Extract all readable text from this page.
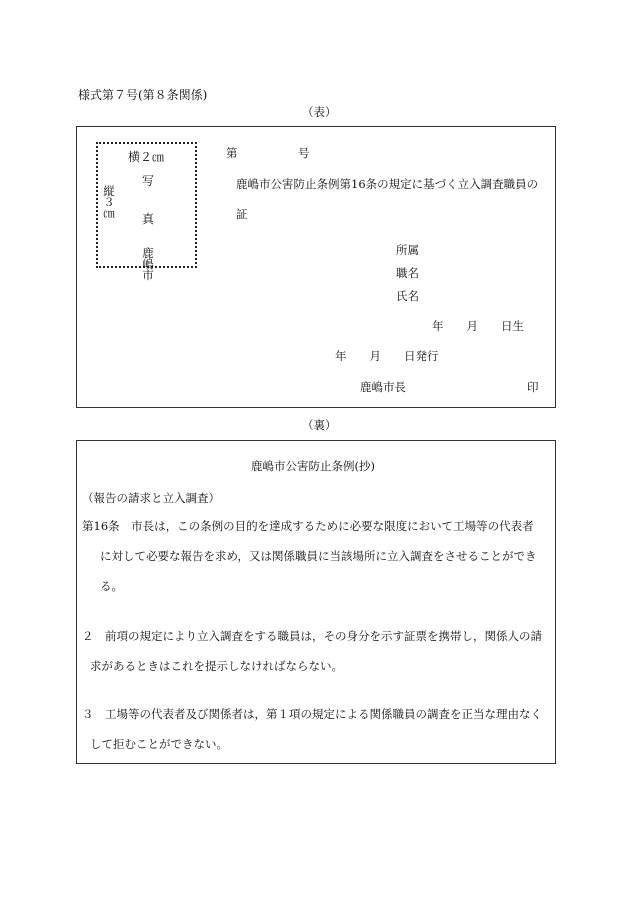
様式第７号(第８条関係)
（表）
横２㎝
写
真
縦
３
㎝
鹿
嶋
市
第	号
鹿嶋市公害防止条例第16条の規定に基づく立入調査職員の
証
所属
職名
氏名
年　　月　　日生
年　　月　　日発行
鹿嶋市長	印
（裏）
鹿嶋市公害防止条例(抄)
（報告の請求と立入調査）
第16条　市長は，この条例の目的を達成するために必要な限度において工場等の代表者
に対して必要な報告を求め，又は関係職員に当該場所に立入調査をさせることができ
る。
２　前項の規定により立入調査をする職員は，その身分を示す証票を携帯し，関係人の請
求があるときはこれを提示しなければならない。
３　工場等の代表者及び関係者は，第１項の規定による関係職員の調査を正当な理由なく
して拒むことができない。
